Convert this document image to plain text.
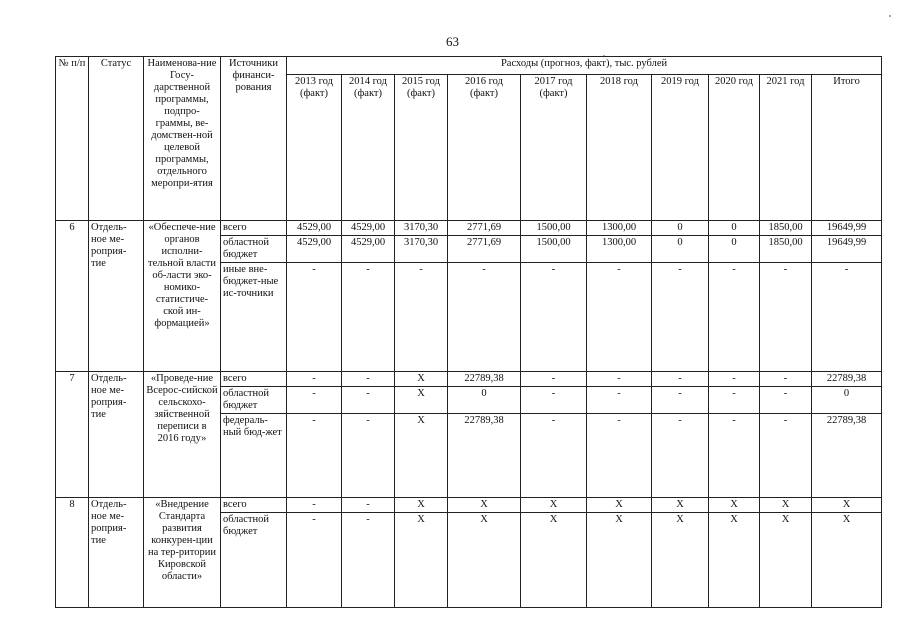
63
№ п/п	Статус	Наименова-ние Госу-дарственной программы, подпро-граммы, ве-домствен-ной целевой программы, отдельного меропри-ятия	Источники финанси-рования	Расходы (прогноз, факт), тыс. рублей									
				2013 год (факт)	2014 год (факт)	2015 год (факт)	2016 год (факт)	2017 год (факт)	2018 год	2019 год	2020 год	2021 год	Итого
6	Отдель-ное ме-роприя-тие	«Обеспече-ние органов исполни-тельной власти об-ласти эко-номико-статистиче-ской ин-формацией»	всего	4529,00	4529,00	3170,30	2771,69	1500,00	1300,00	0	0	1850,00	19649,99
			областной бюджет	4529,00	4529,00	3170,30	2771,69	1500,00	1300,00	0	0	1850,00	19649,99
			иные вне-бюджет-ные ис-точники	-	-	-	-	-	-	-	-	-	-
7	Отдель-ное ме-роприя-тие	«Проведе-ние Всерос-сийской сельскохо-зяйственной переписи в 2016 году»	всего	-	-	X	22789,38	-	-	-	-	-	22789,38
			областной бюджет	-	-	X	0	-	-	-	-	-	0
			федераль-ный бюд-жет	-	-	X	22789,38	-	-	-	-	-	22789,38
8	Отдель-ное ме-роприя-тие	«Внедрение Стандарта развития конкурен-ции на тер-ритории Кировской области»	всего	-	-	X	X	X	X	X	X	X	X
			областной бюджет	-	-	X	X	X	X	X	X	X	X
